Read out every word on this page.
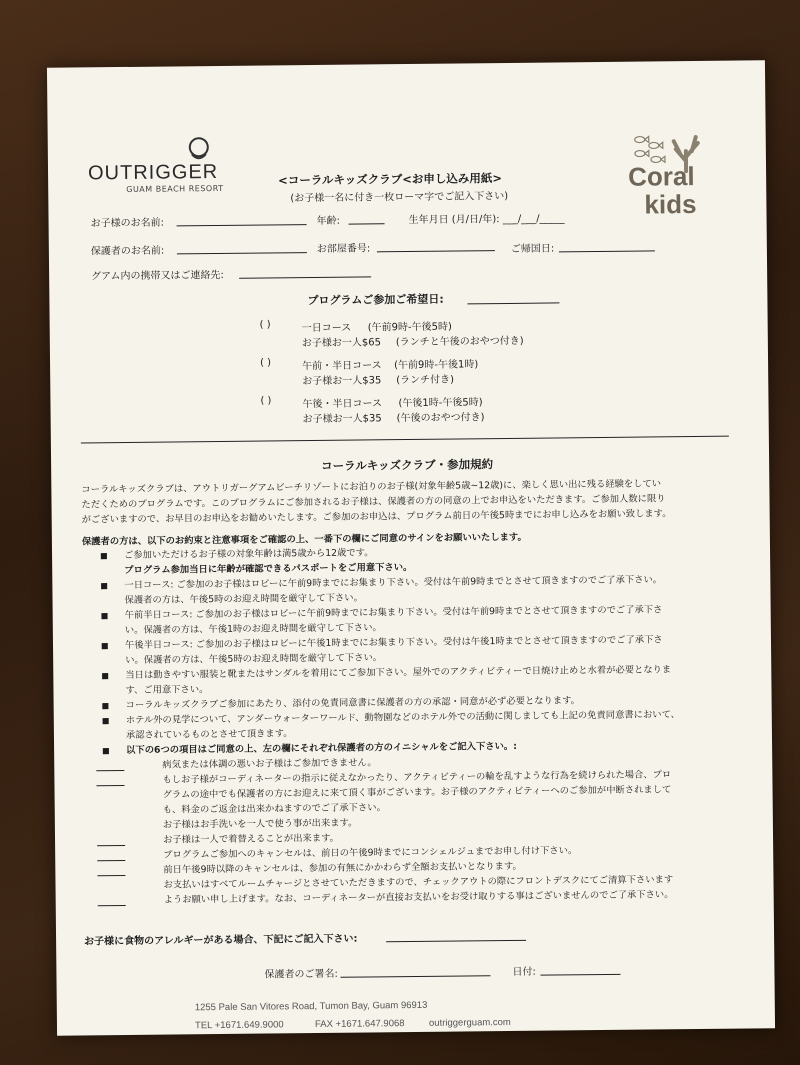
OUTRIGGER
GUAM BEACH RESORT
<コーラルキッズクラブ<お申し込み用紙>
(お子様一名に付き一枚ローマ字でご記入下さい)
Coral
kids
お子様のお名前:	年齢:	生年月日 (月/日/年): ___/___/_____
保護者のお名前:	お部屋番号:	ご帰国日:
グアム内の携帯又はご連絡先:
プログラムご参加ご希望日:
( )	一日コース (午前9時-午後5時)
お子様お一人$65 (ランチと午後のおやつ付き)
( )	午前・半日コース (午前9時-午後1時)
お子様お一人$35 (ランチ付き)
( )	午後・半日コース (午後1時-午後5時)
お子様お一人$35 (午後のおやつ付き)
コーラルキッズクラブ・参加規約
コーラルキッズクラブは、アウトリガーグアムビーチリゾートにお泊りのお子様(対象年齢5歳~12歳)に、楽しく思い出に残る経験をしてい
ただくためのプログラムです。このプログラムにご参加されるお子様は、保護者の方の同意の上でお申込をいただきます。ご参加人数に限り
がございますので、お早目のお申込をお勧めいたします。ご参加のお申込は、プログラム前日の午後5時までにお申し込みをお願い致します。
保護者の方は、以下のお約束と注意事項をご確認の上、一番下の欄にご同意のサインをお願いいたします。
ご参加いただけるお子様の対象年齢は満5歳から12歳です。
プログラム参加当日に年齢が確認できるパスポートをご用意下さい。
一日コース: ご参加のお子様はロビーに午前9時までにお集まり下さい。受付は午前9時までとさせて頂きますのでご了承下さい。
保護者の方は、午後5時のお迎え時間を厳守して下さい。
午前半日コース: ご参加のお子様はロビーに午前9時までにお集まり下さい。受付は午前9時までとさせて頂きますのでご了承下さ
い。保護者の方は、午後1時のお迎え時間を厳守して下さい。
午後半日コース: ご参加のお子様はロビーに午後1時までにお集まり下さい。受付は午後1時までとさせて頂きますのでご了承下さ
い。保護者の方は、午後5時のお迎え時間を厳守して下さい。
当日は動きやすい服装と靴またはサンダルを着用にてご参加下さい。屋外でのアクティビティーで日焼け止めと水着が必要となりま
す、ご用意下さい。
コーラルキッズクラブご参加にあたり、添付の免責同意書に保護者の方の承認・同意が必ず必要となります。
ホテル外の見学について、アンダーウォーターワールド、動物園などのホテル外での活動に関しましても上記の免責同意書において、
承認されているものとさせて頂きます。
以下の6つの項目はご同意の上、左の欄にそれぞれ保護者の方のイニシャルをご記入下さい。:
■
■
■
■
■
■
■
■
病気または体調の悪いお子様はご参加できません。
もしお子様がコーディネーターの指示に従えなかったり、アクティビティーの輪を乱すような行為を続けられた場合、プロ
グラムの途中でも保護者の方にお迎えに来て頂く事がございます。お子様のアクティビティーへのご参加が中断されまして
も、料金のご返金は出来かねますのでご了承下さい。
お子様はお手洗いを一人で使う事が出来ます。
お子様は一人で着替えることが出来ます。
プログラムご参加へのキャンセルは、前日の午後9時までにコンシェルジュまでお申し付け下さい。
前日午後9時以降のキャンセルは、参加の有無にかかわらず全額お支払いとなります。
お支払いはすべてルームチャージとさせていただきますので、チェックアウトの際にフロントデスクにてご清算下さいます
ようお願い申し上げます。なお、コーディネーターが直接お支払いをお受け取りする事はございませんのでご了承下さい。
お子様に食物のアレルギーがある場合、下記にご記入下さい:
保護者のご署名:	日付:
1255 Pale San Vitores Road, Tumon Bay, Guam 96913
TEL +1671.649.9000	FAX +1671.647.9068	outriggerguam.com
